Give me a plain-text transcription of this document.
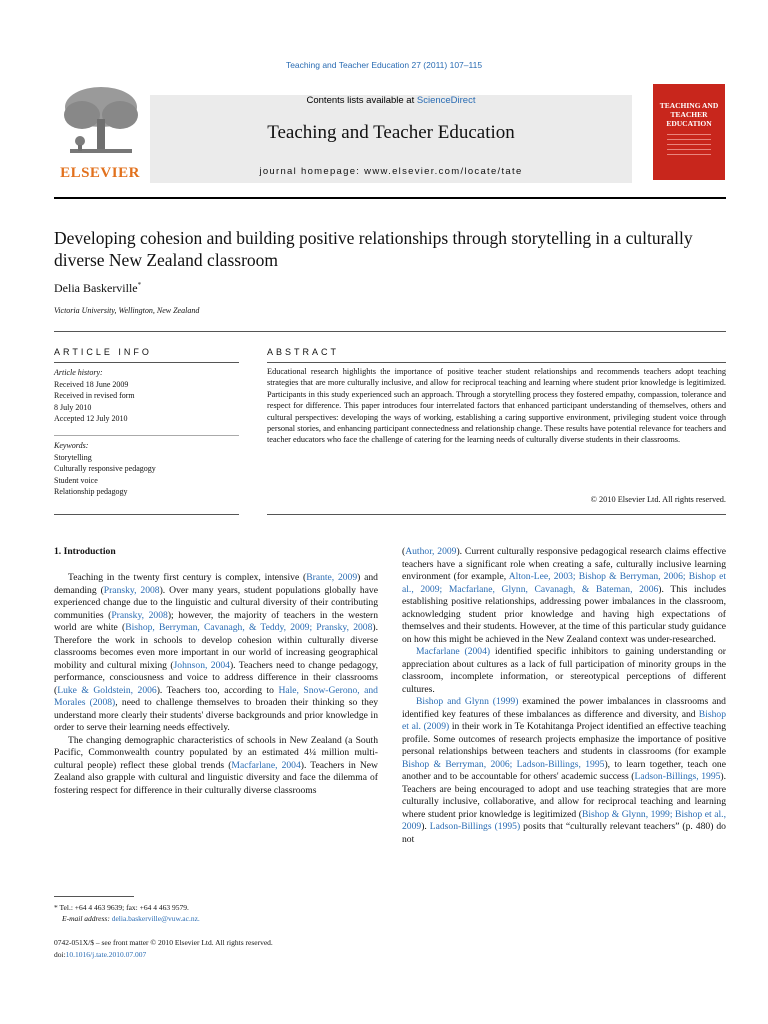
Teaching and Teacher Education 27 (2011) 107–115
ELSEVIER
Contents lists available at ScienceDirect
Teaching and Teacher Education
journal homepage: www.elsevier.com/locate/tate
TEACHING AND TEACHER EDUCATION
Developing cohesion and building positive relationships through storytelling in a culturally diverse New Zealand classroom
Delia Baskerville*
Victoria University, Wellington, New Zealand
ARTICLE INFO
Article history:
Received 18 June 2009
Received in revised form
8 July 2010
Accepted 12 July 2010
Keywords:
Storytelling
Culturally responsive pedagogy
Student voice
Relationship pedagogy
ABSTRACT
Educational research highlights the importance of positive teacher student relationships and recommends teachers adopt teaching strategies that are more culturally inclusive, and allow for reciprocal teaching and learning where student prior knowledge is legitimized. Participants in this study experienced such an approach. Through a storytelling process they fostered empathy, compassion, tolerance and respect for difference. This paper introduces four interrelated factors that enhanced participant understanding of themselves, others and cultural perspectives: developing the ways of working, establishing a caring supportive environment, privileging student voice through personal stories, and enhancing participant connectedness and relationship change. These results have potential relevance for teachers and teacher educators who face the challenge of catering for the learning needs of culturally diverse students in their classrooms.
© 2010 Elsevier Ltd. All rights reserved.
1. Introduction

Teaching in the twenty first century is complex, intensive (Brante, 2009) and demanding (Pransky, 2008). Over many years, student populations globally have experienced change due to the linguistic and cultural diversity of their contributing communities (Pransky, 2008); however, the majority of teachers in the western world are white (Bishop, Berryman, Cavanagh, & Teddy, 2009; Pransky, 2008). Therefore the work in schools to develop cohesion within culturally diverse classrooms becomes even more important in our world of increasing geographical mobility and cultural mixing (Johnson, 2004). Teachers need to change pedagogy, performance, consciousness and voice to address difference in their classrooms (Luke & Goldstein, 2006). Teachers too, according to Hale, Snow-Gerono, and Morales (2008), need to challenge themselves to broaden their thinking so they understand more clearly their students' diverse backgrounds and prior knowledge in order to serve their learning needs effectively.

The changing demographic characteristics of schools in New Zealand (a South Pacific, Commonwealth country populated by an estimated 4¼ million multi-cultural people) reflect these global trends (Macfarlane, 2004). Teachers in New Zealand also grapple with cultural and linguistic diversity and face the dilemma of fostering respect for difference in their culturally diverse classrooms

(Author, 2009). Current culturally responsive pedagogical research claims effective teachers have a significant role when creating a safe, culturally inclusive learning environment (for example, Alton-Lee, 2003; Bishop & Berryman, 2006; Bishop et al., 2009; Macfarlane, Glynn, Cavanagh, & Bateman, 2006). This includes establishing positive relationships, addressing power imbalances in the classroom, acknowledging student prior knowledge and having high expectations of themselves and their students. However, at the time of this particular study guidance on how this might be achieved in the New Zealand context was under-researched.

Macfarlane (2004) identified specific inhibitors to gaining understanding or appreciation about cultures as a lack of full participation of minority groups in the classroom, incomplete information, or stereotypical perceptions of different cultures.

Bishop and Glynn (1999) examined the power imbalances in classrooms and identified key features of these imbalances as difference and diversity, and Bishop et al. (2009) in their work in Te Kotahitanga Project identified an effective teaching profile. Some outcomes of research projects emphasize the importance of positive personal relationships between teachers and students in classrooms (for example Bishop & Berryman, 2006; Ladson-Billings, 1995), to learn together, teach one another and to be accountable for others' academic success (Ladson-Billings, 1995). Teachers are being encouraged to adopt and use teaching strategies that are more culturally inclusive, collaborative, and allow for reciprocal teaching and learning where student prior knowledge is legitimized (Bishop & Glynn, 1999; Bishop et al., 2009). Ladson-Billings (1995) posits that “culturally relevant teachers” (p. 480) do not

* Tel.: +64 4 463 9639; fax: +64 4 463 9579.
E-mail address: delia.baskerville@vuw.ac.nz.
0742-051X/$ – see front matter © 2010 Elsevier Ltd. All rights reserved.
doi:10.1016/j.tate.2010.07.007
